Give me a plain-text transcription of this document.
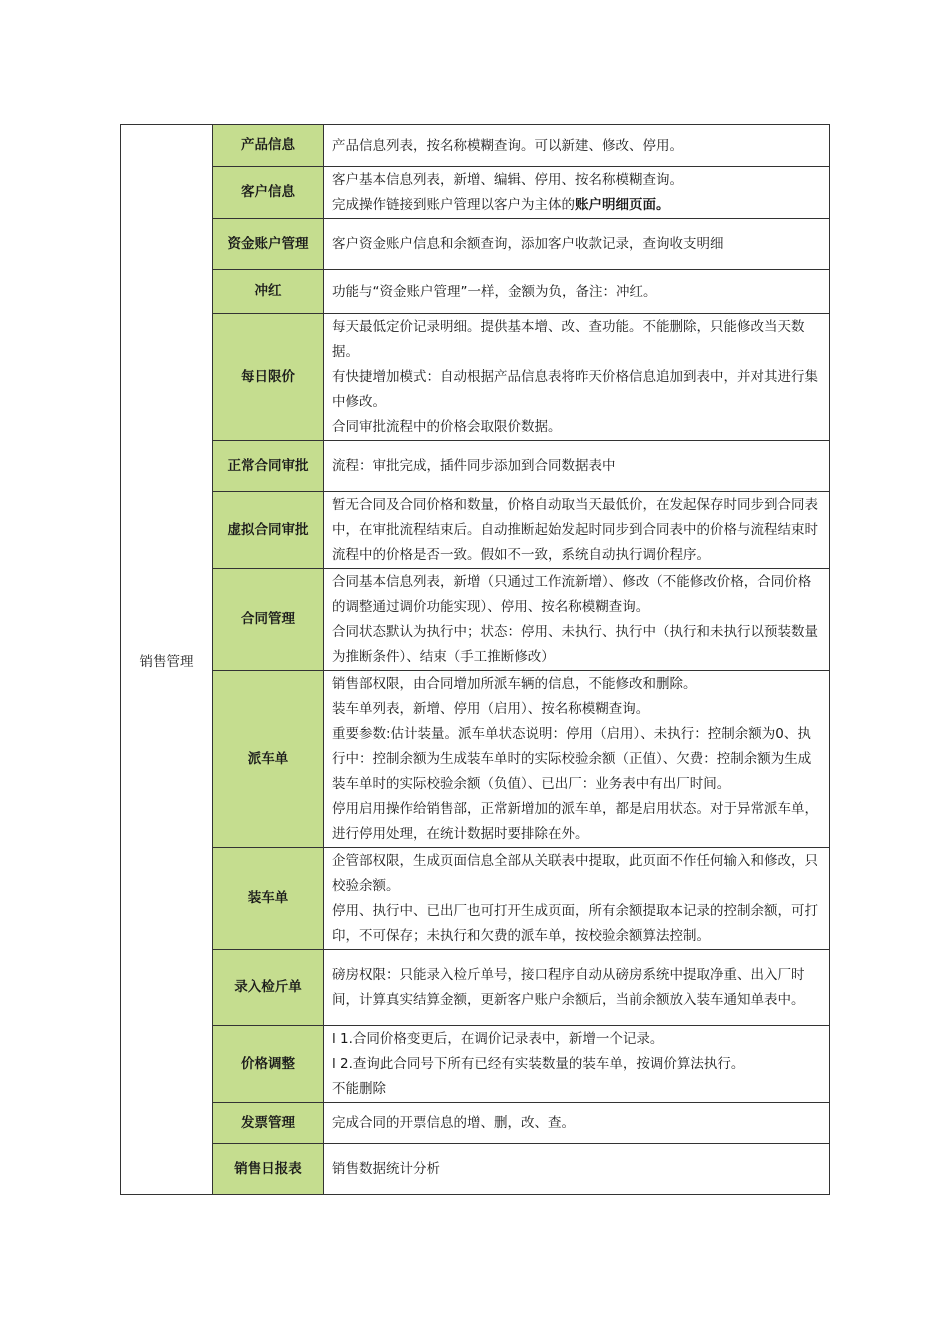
销售管理	产品信息	产品信息列表，按名称模糊查询。可以新建、修改、停用。

	客户信息	客户基本信息列表，新增、编辑、停用、按名称模糊查询。
完成操作链接到账户管理以客户为主体的账户明细页面。

	资金账户管理	客户资金账户信息和余额查询，添加客户收款记录，查询收支明细

	冲红	功能与“资金账户管理”一样，金额为负，备注：冲红。

	每日限价	每天最低定价记录明细。提供基本增、改、查功能。不能删除，只能修改当天数据。
有快捷增加模式：自动根据产品信息表将昨天价格信息追加到表中，并对其进行集中修改。
合同审批流程中的价格会取限价数据。

	正常合同审批	流程：审批完成，插件同步添加到合同数据表中

	虚拟合同审批	暂无合同及合同价格和数量，价格自动取当天最低价，在发起保存时同步到合同表中，在审批流程结束后。自动推断起始发起时同步到合同表中的价格与流程结束时流程中的价格是否一致。假如不一致，系统自动执行调价程序。

	合同管理	合同基本信息列表，新增（只通过工作流新增）、修改（不能修改价格，合同价格的调整通过调价功能实现）、停用、按名称模糊查询。
合同状态默认为执行中；状态：停用、未执行、执行中（执行和未执行以预装数量为推断条件）、结束（手工推断修改）

	派车单	销售部权限，由合同增加所派车辆的信息，不能修改和删除。
装车单列表，新增、停用（启用）、按名称模糊查询。
重要参数:估计装量。派车单状态说明：停用（启用）、未执行：控制余额为0、执行中：控制余额为生成装车单时的实际校验余额（正值）、欠费：控制余额为生成装车单时的实际校验余额（负值）、已出厂：业务表中有出厂时间。
停用启用操作给销售部，正常新增加的派车单，都是启用状态。对于异常派车单，进行停用处理，在统计数据时要排除在外。

	装车单	企管部权限，生成页面信息全部从关联表中提取，此页面不作任何输入和修改，只校验余额。
停用、执行中、已出厂也可打开生成页面，所有余额提取本记录的控制余额，可打印，不可保存；未执行和欠费的派车单，按校验余额算法控制。

	录入检斤单	磅房权限：只能录入检斤单号，接口程序自动从磅房系统中提取净重、出入厂时间，计算真实结算金额，更新客户账户余额后，当前余额放入装车通知单表中。

	价格调整	l 1.合同价格变更后，在调价记录表中，新增一个记录。
l 2.查询此合同号下所有已经有实装数量的装车单，按调价算法执行。
不能删除

	发票管理	完成合同的开票信息的增、删，改、查。

	销售日报表	销售数据统计分析
